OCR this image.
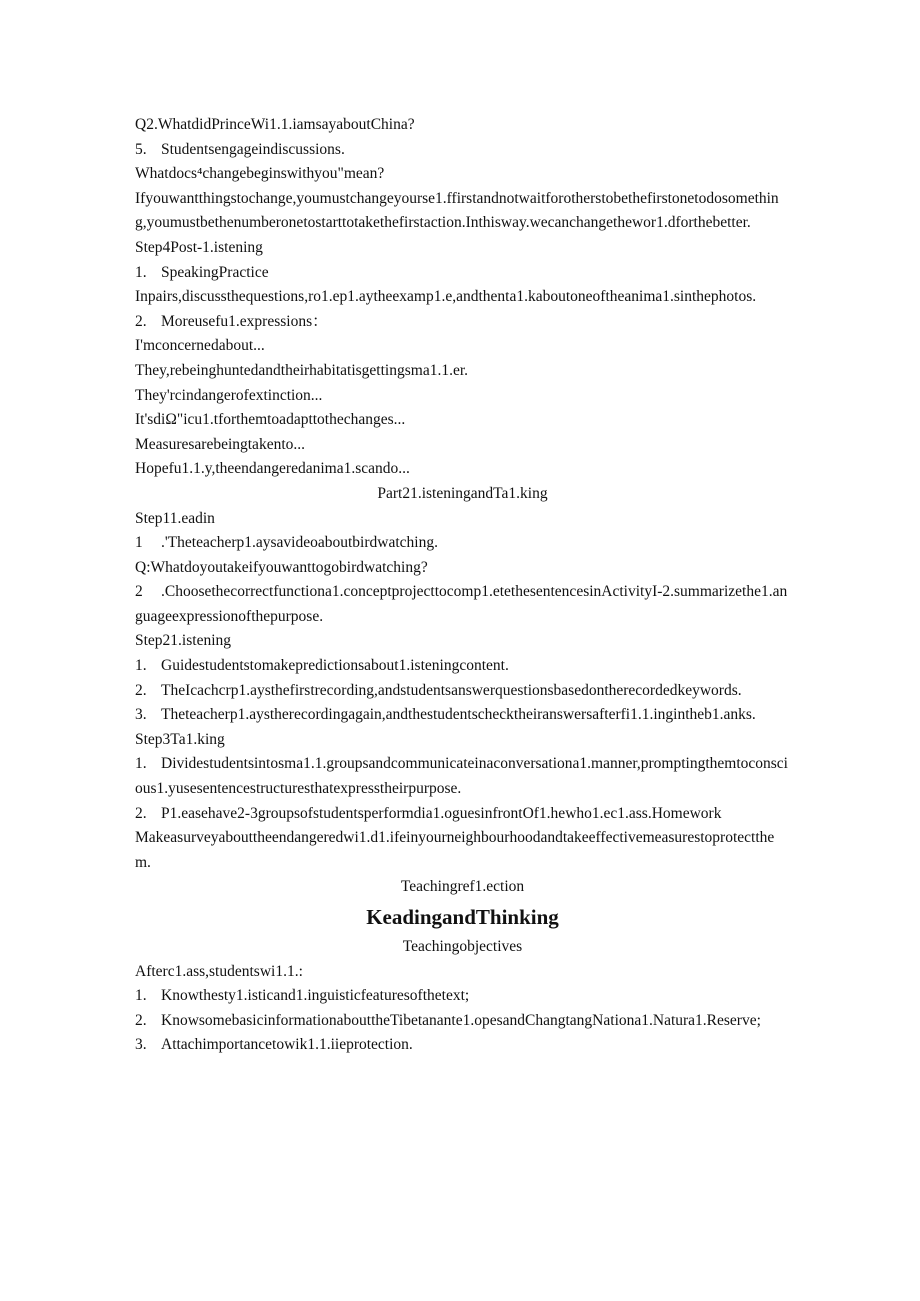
Q2.WhatdidPrinceWi1.1.iamsayaboutChina?
5. Studentsengageindiscussions.
Whatdocs⁴changebeginswithyou"mean?
Ifyouwantthingstochange,youmustchangeyourse1.ffirstandnotwaitforotherstobethefirstonetodosomething,youmustbethenumberonetostarttotakethefirstaction.Inthisway.wecanchangethewor1.dforthebetter.
Step4Post-1.istening
1. SpeakingPractice
Inpairs,discussthequestions,ro1.ep1.aytheexamp1.e,andthenta1.kaboutoneoftheanima1.sinthephotos.
2. Moreusefu1.expressions：
I'mconcernedabout...
They,rebeinghuntedandtheirhabitatisgettingsma1.1.er.
They'rcindangerofextinction...
It'sdiΩ"icu1.tforthemtoadapttothechanges...
Measuresarebeingtakento...
Hopefu1.1.y,theendangeredanima1.scando...
Part21.isteningandTa1.king
Step11.eadin
1 .'Theteacherp1.aysavideoaboutbirdwatching.
Q:Whatdoyoutakeifyouwanttogobirdwatching?
2 .Choosethecorrectfunctiona1.conceptprojecttocomp1.etethesentencesinActivityI-2.summarizethe1.anguageexpressionofthepurpose.
Step21.istening
1. Guidestudentstomakepredictionsabout1.isteningcontent.
2. TheIcachcrp1.aysthefirstrecording,andstudentsanswerquestionsbasedontherecordedkeywords.
3. Theteacherp1.aystherecordingagain,andthestudentschecktheiranswersafterfi1.1.ingintheb1.anks.
Step3Ta1.king
1. Dividestudentsintosma1.1.groupsandcommunicateinaconversationa1.manner,promptingthemtoconscious1.yusesentencestructuresthatexpresstheirpurpose.
2. P1.easehave2-3groupsofstudentsperformdia1.oguesinfrontOf1.hewho1.ec1.ass.Homework
Makeasurveyabouttheendangeredwi1.d1.ifeinyourneighbourhoodandtakeeffectivemeasurestoprotectthem.
Teachingref1.ection
KeadingandThinking
Teachingobjectives
Afterc1.ass,studentswi1.1.:
1. Knowthesty1.isticand1.inguisticfeaturesofthetext;
2. KnowsomebasicinformationabouttheTibetanante1.opesandChangtangNationa1.Natura1.Reserve;
3. Attachimportancetowik1.1.iieprotection.
